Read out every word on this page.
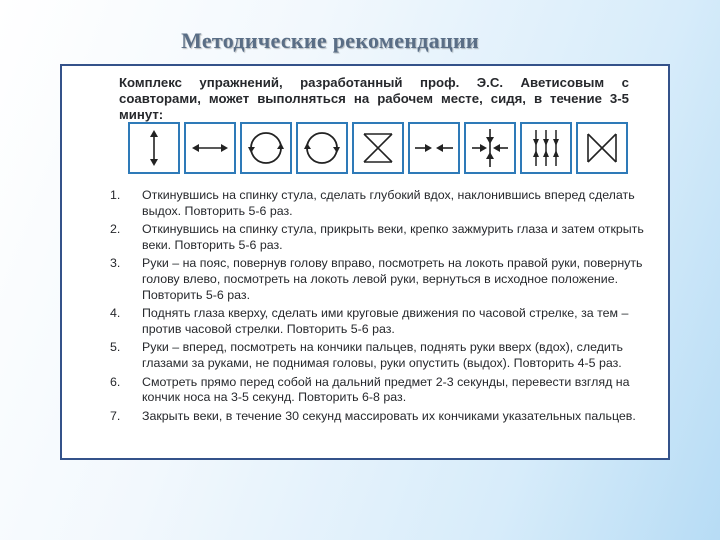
Методические рекомендации
Комплекс упражнений, разработанный проф. Э.С. Аветисовым с соавторами, может выполняться на рабочем месте, сидя, в течение 3-5 минут:
1. Откинувшись на спинку стула, сделать глубокий вдох, наклонившись вперед сделать выдох. Повторить 5-6 раз.
2. Откинувшись на спинку стула, прикрыть веки, крепко зажмурить глаза и затем открыть веки. Повторить 5-6 раз.
3. Руки – на пояс, повернув голову вправо, посмотреть на локоть правой руки, повернуть голову влево, посмотреть на локоть левой руки, вернуться в исходное положение. Повторить 5-6 раз.
4. Поднять глаза кверху, сделать ими круговые движения по часовой стрелке, за тем – против часовой стрелки. Повторить 5-6 раз.
5. Руки – вперед, посмотреть на кончики пальцев, поднять руки вверх (вдох), следить глазами за руками, не поднимая головы, руки опустить (выдох). Повторить 4-5 раз.
6. Смотреть прямо перед собой на дальний предмет 2-3 секунды, перевести взгляд на кончик носа на 3-5 секунд. Повторить 6-8 раз.
7. Закрыть веки, в течение 30 секунд массировать их кончиками указательных пальцев.
